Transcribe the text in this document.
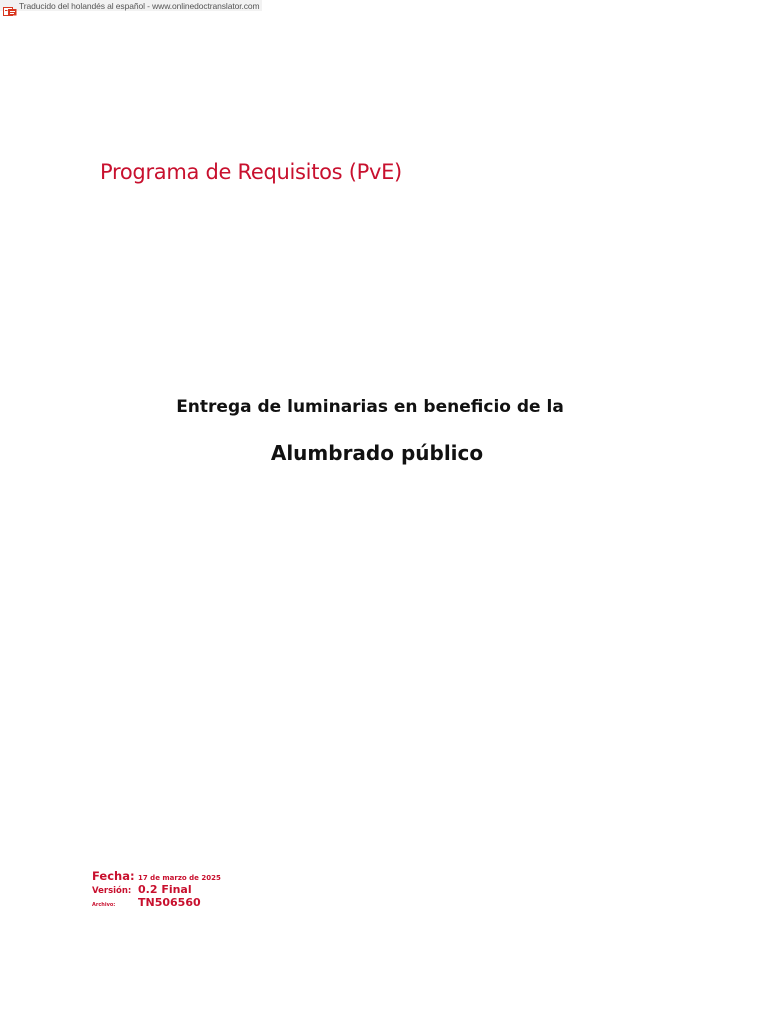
Traducido del holandés al español - www.onlinedoctranslator.com
Programa de Requisitos (PvE)
Entrega de luminarias en beneficio de la
Alumbrado público
Fecha: 17 de marzo de 2025
Versión: 0.2 Final
Archivo:	TN506560
